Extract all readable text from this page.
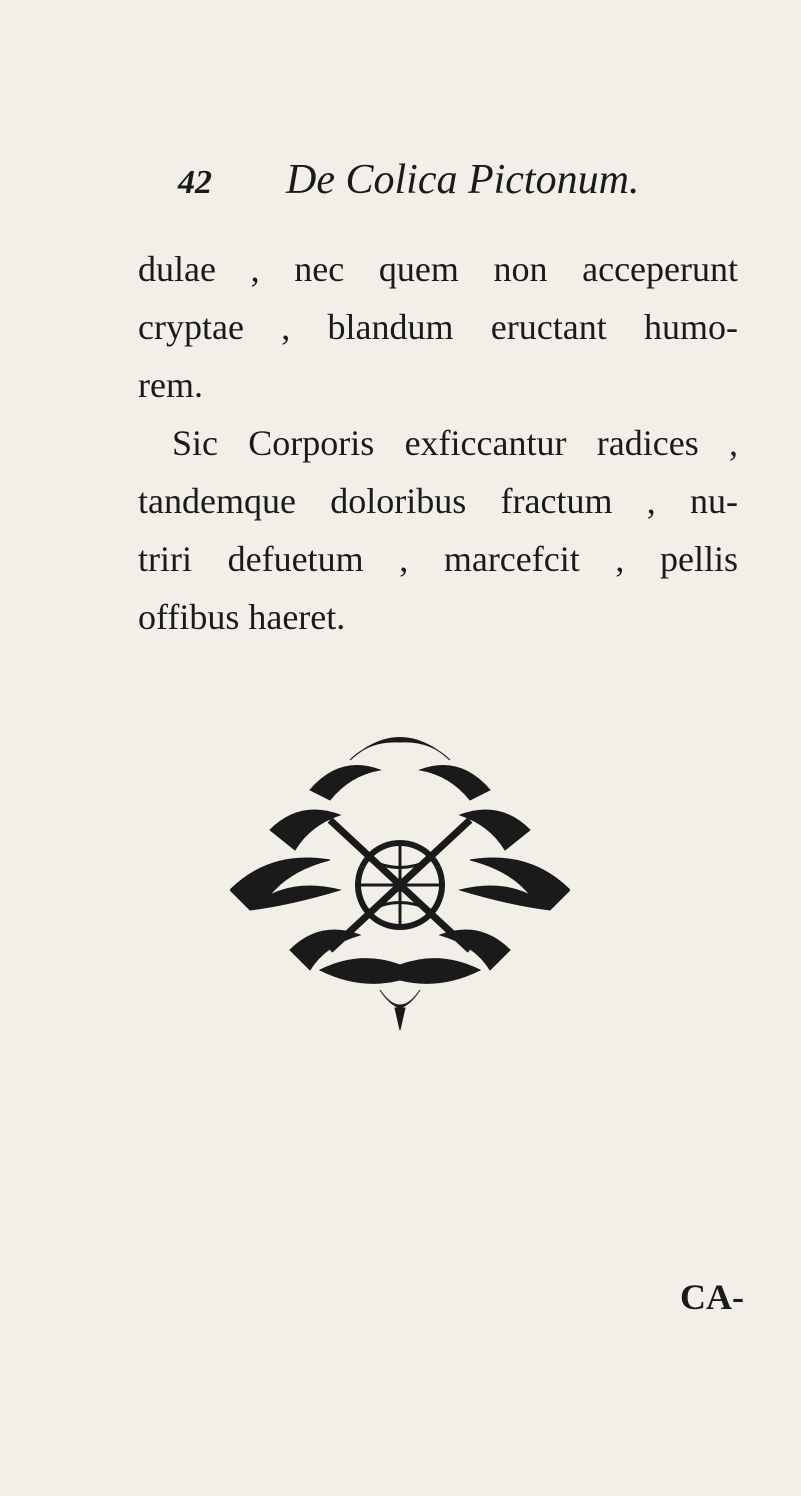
42 De Colica Pictonum.
dulae , nec quem non acceperunt
cryptae , blandum eructant humo-
rem.
Sic Corporis exficcantur radices ,
tandemque doloribus fractum , nu-
triri defuetum , marcefcit , pellis
offibus haeret.
CA-
